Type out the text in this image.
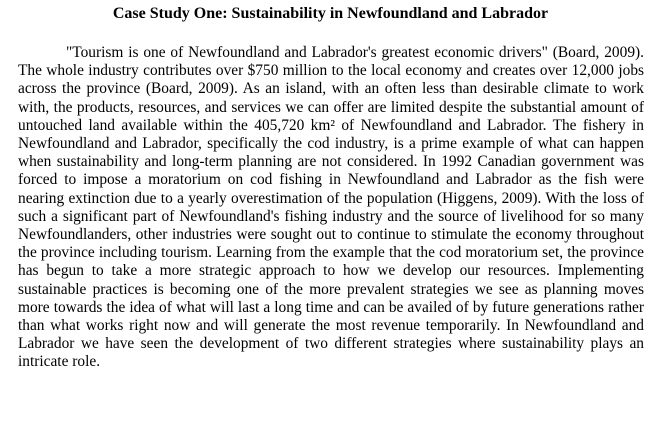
Case Study One: Sustainability in Newfoundland and Labrador

"Tourism is one of Newfoundland and Labrador's greatest economic drivers" (Board, 2009). The whole industry contributes over $750 million to the local economy and creates over 12,000 jobs across the province (Board, 2009). As an island, with an often less than desirable climate to work with, the products, resources, and services we can offer are limited despite the substantial amount of untouched land available within the 405,720 km² of Newfoundland and Labrador. The fishery in Newfoundland and Labrador, specifically the cod industry, is a prime example of what can happen when sustainability and long-term planning are not considered. In 1992 Canadian government was forced to impose a moratorium on cod fishing in Newfoundland and Labrador as the fish were nearing extinction due to a yearly overestimation of the population (Higgens, 2009). With the loss of such a significant part of Newfoundland's fishing industry and the source of livelihood for so many Newfoundlanders, other industries were sought out to continue to stimulate the economy throughout the province including tourism. Learning from the example that the cod moratorium set, the province has begun to take a more strategic approach to how we develop our resources. Implementing sustainable practices is becoming one of the more prevalent strategies we see as planning moves more towards the idea of what will last a long time and can be availed of by future generations rather than what works right now and will generate the most revenue temporarily. In Newfoundland and Labrador we have seen the development of two different strategies where sustainability plays an intricate role.
